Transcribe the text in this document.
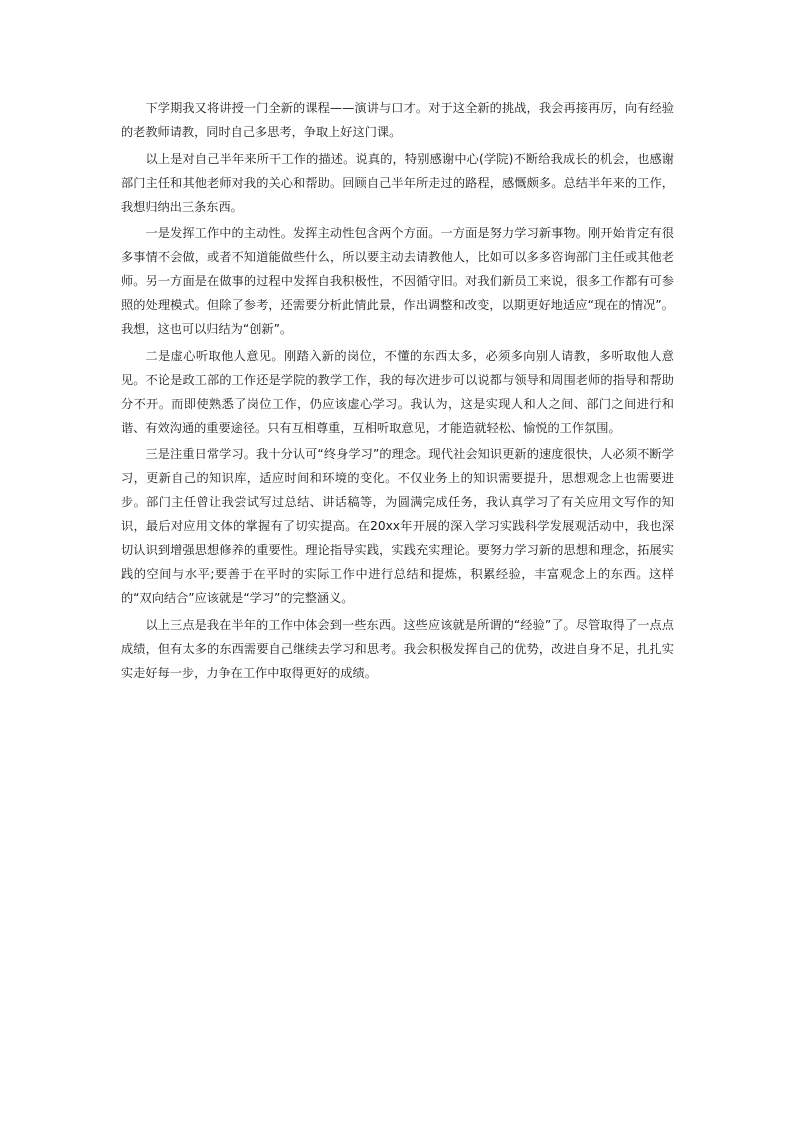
下学期我又将讲授一门全新的课程——演讲与口才。对于这全新的挑战，我会再接再厉，向有经验的老教师请教，同时自己多思考，争取上好这门课。

以上是对自己半年来所干工作的描述。说真的，特别感谢中心(学院)不断给我成长的机会，也感谢部门主任和其他老师对我的关心和帮助。回顾自己半年所走过的路程，感慨颇多。总结半年来的工作，我想归纳出三条东西。

一是发挥工作中的主动性。发挥主动性包含两个方面。一方面是努力学习新事物。刚开始肯定有很多事情不会做，或者不知道能做些什么，所以要主动去请教他人，比如可以多多咨询部门主任或其他老师。另一方面是在做事的过程中发挥自我积极性，不因循守旧。对我们新员工来说，很多工作都有可参照的处理模式。但除了参考，还需要分析此情此景，作出调整和改变，以期更好地适应“现在的情况”。我想，这也可以归结为“创新”。

二是虚心听取他人意见。刚踏入新的岗位，不懂的东西太多，必须多向别人请教，多听取他人意见。不论是政工部的工作还是学院的教学工作，我的每次进步可以说都与领导和周围老师的指导和帮助分不开。而即使熟悉了岗位工作，仍应该虚心学习。我认为，这是实现人和人之间、部门之间进行和谐、有效沟通的重要途径。只有互相尊重，互相听取意见，才能造就轻松、愉悦的工作氛围。

三是注重日常学习。我十分认可“终身学习”的理念。现代社会知识更新的速度很快，人必须不断学习，更新自己的知识库，适应时间和环境的变化。不仅业务上的知识需要提升，思想观念上也需要进步。部门主任曾让我尝试写过总结、讲话稿等，为圆满完成任务，我认真学习了有关应用文写作的知识，最后对应用文体的掌握有了切实提高。在20xx年开展的深入学习实践科学发展观活动中，我也深切认识到增强思想修养的重要性。理论指导实践，实践充实理论。要努力学习新的思想和理念，拓展实践的空间与水平;要善于在平时的实际工作中进行总结和提炼，积累经验，丰富观念上的东西。这样的“双向结合”应该就是“学习”的完整涵义。

以上三点是我在半年的工作中体会到一些东西。这些应该就是所谓的“经验”了。尽管取得了一点点成绩，但有太多的东西需要自己继续去学习和思考。我会积极发挥自己的优势，改进自身不足，扎扎实实走好每一步，力争在工作中取得更好的成绩。
